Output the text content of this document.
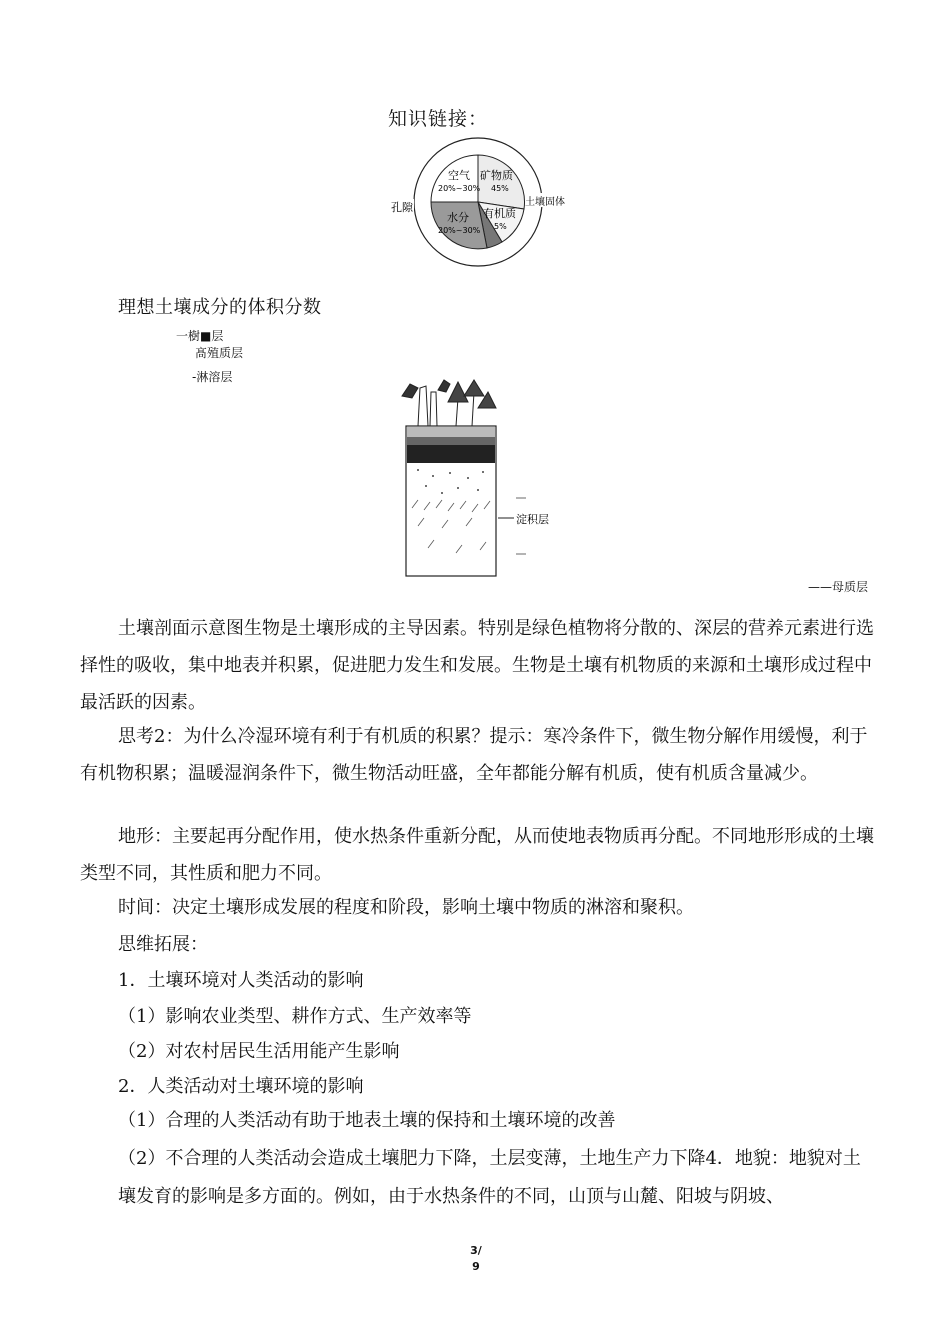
知识链接：
空气
20%~30%
矿物质
45%
水分
20%~30%
有机质
5%
孔隙	土壤固体
理想土壤成分的体积分数
一樹■层
髙殖质层
-淋溶层
淀积层
——母质层
土壤剖面示意图生物是土壤形成的主导因素。特别是绿色植物将分散的、深层的营养元素进行选择性的吸收，集中地表并积累，促进肥力发生和发展。生物是土壤有机物质的来源和土壤形成过程中最活跃的因素。
思考2：为什么冷湿环境有利于有机质的积累？提示：寒冷条件下，微生物分解作用缓慢，利于有机物积累；温暖湿润条件下，微生物活动旺盛，全年都能分解有机质，使有机质含量减少。
地形：主要起再分配作用，使水热条件重新分配，从而使地表物质再分配。不同地形形成的土壤类型不同，其性质和肥力不同。
时间：决定土壤形成发展的程度和阶段，影响土壤中物质的淋溶和聚积。
思维拓展：
1．土壤环境对人类活动的影响
（1）影响农业类型、耕作方式、生产效率等
（2）对农村居民生活用能产生影响
2．人类活动对土壤环境的影响
（1）合理的人类活动有助于地表土壤的保持和土壤环境的改善
（2）不合理的人类活动会造成土壤肥力下降，土层变薄，土地生产力下降4．地貌：地貌对土壤发育的影响是多方面的。例如，由于水热条件的不同，山顶与山麓、阳坡与阴坡、
3/
9
